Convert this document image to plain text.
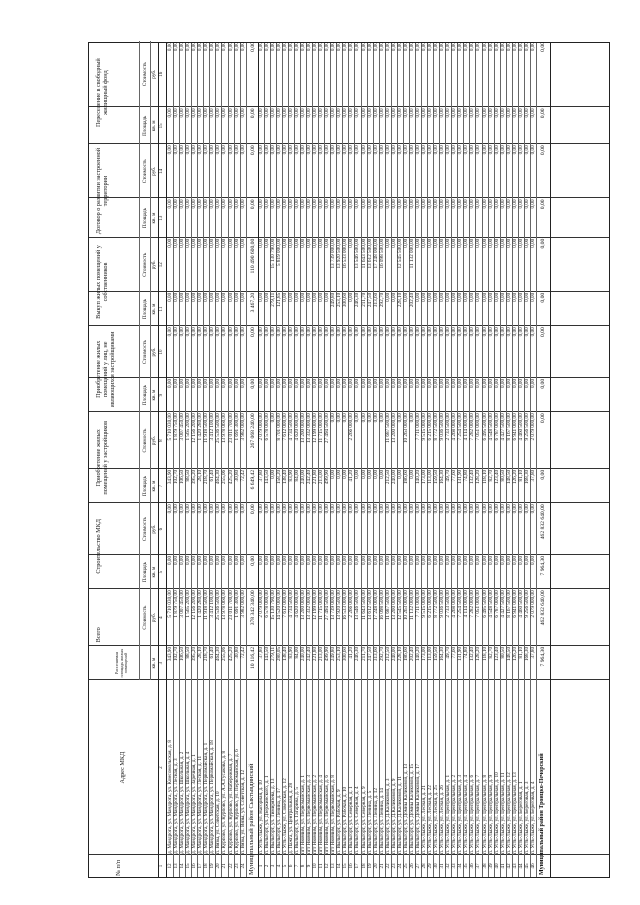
Всего
Строительство МКД
Приобретение жилых помещений у застройщиков
Приобретение жилых помещений у лиц, не являющихся застройщиками
Выкуп жилых помещений у собственников
Договор о развитии застроенной территории
Переселение в свободный жилищный фонд
№ п/п
Адрес МКД
Расселяемая площадь жилых помещений	кв. м
Стоимость руб.
Площадь кв. м
Стоимость руб.
Площадь кв. м
Стоимость руб.
Площадь кв. м
Стоимость руб.
Площадь кв. м
Стоимость руб.
Площадь кв. м
Стоимость руб.
Площадь кв. м
Стоимость руб.
1
2
3
4
5
6
7
8
9
10
11
12
13
14
15
16
12
д. Мандрога, ул. Мандрога, ул. Комсомольская, д. 8
343,90
5 710 030,00
0,00
0,00
343,90
5 710 030,00
0,00
0,00
0,00
0,00
0,00
0,00
0,00
0,00
13
д. Мандрога, ул. Мандрога, ул. Лесная, д. 3
102,70
1 879 750,00
0,00
0,00
102,70
1 879 750,00
0,00
0,00
0,00
0,00
0,00
0,00
0,00
0,00
14
д. Мандрога, ул. Мандрога, ул. Школьная, д. 2
106,50
3 007 450,00
0,00
0,00
106,50
3 007 450,00
0,00
0,00
0,00
0,00
0,00
0,00
0,00
0,00
15
д. Мандрога, ул. Мандрога, ул. Школьная, д. 4
88,50
1 565 200,00
0,00
0,00
88,50
1 565 200,00
0,00
0,00
0,00
0,00
0,00
0,00
0,00
0,00
16
д. Мандрога, ул. Мандрога, ул. Заречная, д. 1
395,20
12 156 200,00
0,00
0,00
395,20
12 156 200,00
0,00
0,00
0,00
0,00
0,00
0,00
0,00
0,00
17
д. Мандрога, ул. Мандрога, ул. Лесная, д. 11
28,10
1 420 280,00
0,00
0,00
28,10
1 420 280,00
0,00
0,00
0,00
0,00
0,00
0,00
0,00
0,00
18
д. Мандрога, ул. Мандрога, ул. Первомайская, д. 1
218,70
11 918 500,00
0,00
0,00
218,70
11 918 500,00
0,00
0,00
0,00
0,00
0,00
0,00
0,00
0,00
19
д. Мандрога, ул. Мандрога, ул. Первомайская, д. 18
61,40
3 412 100,00
0,00
0,00
61,40
3 412 100,00
0,00
0,00
0,00
0,00
0,00
0,00
0,00
0,00
20
п. Вязы, ул. Советская, д. 10
464,30
25 536 500,00
0,00
0,00
464,30
25 536 500,00
0,00
0,00
0,00
0,00
0,00
0,00
0,00
0,00
21
п. Курпово, ул. Курпово, ул. А.А.Гусакова, д. 8
255,06
13 978 060,00
0,00
0,00
255,06
13 978 060,00
0,00
0,00
0,00
0,00
0,00
0,00
0,00
0,00
22
п. Курпово, ул. Курпово, ул. Набережная, д. 7
425,20
23 011 700,00
0,00
0,00
425,20
23 011 700,00
0,00
0,00
0,00
0,00
0,00
0,00
0,00
0,00
23
п. Курпово, ул. Курпово, ул. Первомайская, д. 6
30,80
1 691 300,00
0,00
0,00
30,80
1 691 300,00
0,00
0,00
0,00
0,00
0,00
0,00
0,00
0,00
24
п. Вязы, ул. Вязы, ул. Советская, д. 12
72,42
3 982 000,00
0,00
0,00
72,42
3 982 000,00
0,00
0,00
0,00
0,00
0,00
0,00
0,00
0,00
Муниципальный район Сыктывдинский
10 116,42
378 342 340,00
0,00
0,00
6 649,42
267 068 240,00
0,00
0,00
3 467,20
110 490 600,00
0,00
0,00
0,00
0,00
1
п. Усть-Лыже, ул. Нагорная, д. 10
37,80
2 079 000,00
0,00
0,00
37,80
2 079 000,00
0,00
0,00
0,00
0,00
0,00
0,00
0,00
0,00
2
п. Выльгорт, ул. Дзержинского, д. 1
143,50
6 578 000,00
0,00
0,00
143,50
6 578 000,00
0,00
0,00
0,00
0,00
0,00
0,00
0,00
0,00
3
п. Выльгорт, ул. Тимирязева, д. 13
279,11
15 130 790,00
0,00
0,00
0,00
0,00
0,00
0,00
279,11
15 130 790,00
0,00
0,00
0,00
0,00
4
п. Выльгорт, ул. Ленина, д. 17
280,05
14 520 000,00
0,00
0,00
158,20
8 701 000,00
0,00
0,00
121,85
5 819 000,00
0,00
0,00
0,00
0,00
5
п. Усть-Лыже, ул. Советская, д. 12
138,40
7 612 000,00
0,00
0,00
138,40
7 612 000,00
0,00
0,00
0,00
0,00
0,00
0,00
0,00
0,00
6
д. Пажга, ул. Центральная, д. 28
83,90
4 734 500,00
0,00
0,00
83,90
4 734 500,00
0,00
0,00
0,00
0,00
0,00
0,00
0,00
0,00
7
п. Выльгорт, ул. Гагарина, д. 5
84,00
4 620 000,00
0,00
0,00
84,00
4 620 000,00
0,00
0,00
0,00
0,00
0,00
0,00
0,00
0,00
8
пгт Нювчим, ул. Первомайская, д. 1
240,00
13 200 000,00
0,00
0,00
240,00
13 200 000,00
0,00
0,00
0,00
0,00
0,00
0,00
0,00
0,00
9
пгт Нювчим, ул. Первомайская, д. 3
242,40
13 332 000,00
0,00
0,00
242,40
13 332 000,00
0,00
0,00
0,00
0,00
0,00
0,00
0,00
0,00
10
пгт Нювчим, ул. Первомайская, д. 2
221,80
12 199 000,00
0,00
0,00
221,80
12 199 000,00
0,00
0,00
0,00
0,00
0,00
0,00
0,00
0,00
11
пгт Нювчим, ул. Первомайская, д. 4
213,00
11 715 000,00
0,00
0,00
213,00
11 715 000,00
0,00
0,00
0,00
0,00
0,00
0,00
0,00
0,00
12
пгт Нювчим, ул. Первомайская, д. 6
499,90
27 494 500,00
0,00
0,00
499,90
27 494 500,00
0,00
0,00
0,00
0,00
0,00
0,00
0,00
0,00
13
пгт Нювчим, ул. Первомайская, д. 8
249,80
13 739 000,00
0,00
0,00
0,00
0,00
0,00
0,00
249,80
13 739 000,00
0,00
0,00
0,00
0,00
14
п. Выльгорт, ул. Рабочая, д. 9
253,10
13 920 500,00
0,00
0,00
0,00
0,00
0,00
0,00
253,10
13 920 500,00
0,00
0,00
0,00
0,00
15
п. Выльгорт, ул. Рабочая, д. 10
300,60
16 533 000,00
0,00
0,00
0,00
0,00
0,00
0,00
300,60
16 533 000,00
0,00
0,00
0,00
0,00
16
п. Выльгорт, ул. Северная, д. 1
41,20
2 266 000,00
0,00
0,00
41,20
2 266 000,00
0,00
0,00
0,00
0,00
0,00
0,00
0,00
0,00
17
п. Выльгорт, ул. Северная, д. 4
246,30
13 546 500,00
0,00
0,00
0,00
0,00
0,00
0,00
246,30
13 546 500,00
0,00
0,00
0,00
0,00
18
п. Выльгорт, ул. Северная, д. 9
211,70
11 643 500,00
0,00
0,00
0,00
0,00
0,00
0,00
211,70
11 643 500,00
0,00
0,00
0,00
0,00
19
п. Выльгорт, ул. Ленина, д. 5
247,50
13 612 500,00
0,00
0,00
0,00
0,00
0,00
0,00
247,50
13 612 500,00
0,00
0,00
0,00
0,00
20
п. Выльгорт, ул. Ленина, д. 12
313,60
17 248 000,00
0,00
0,00
0,00
0,00
0,00
0,00
313,60
17 248 000,00
0,00
0,00
0,00
0,00
21
п. Выльгорт, ул. Ленина, д. 14
292,70
16 098 500,00
0,00
0,00
0,00
0,00
0,00
0,00
292,70
16 098 500,00
0,00
0,00
0,00
0,00
22
п. Выльгорт, ул. Д.Каликовой, д. 3
212,50
11 687 500,00
0,00
0,00
212,50
11 687 500,00
0,00
0,00
0,00
0,00
0,00
0,00
0,00
0,00
23
п. Выльгорт, ул. Д.Каликовой, д. 9
240,00
13 200 000,00
0,00
0,00
240,00
13 200 000,00
0,00
0,00
0,00
0,00
0,00
0,00
0,00
0,00
24
п. Выльгорт, ул. Д.Каликовой, д. 11
228,10
12 545 500,00
0,00
0,00
0,00
0,00
0,00
0,00
228,10
12 545 500,00
0,00
0,00
0,00
0,00
25
п. Выльгорт, ул. Домны Каликовой, д. 13
186,60
10 263 000,00
0,00
0,00
186,60
10 263 000,00
0,00
0,00
0,00
0,00
0,00
0,00
0,00
0,00
26
п. Выльгорт, ул. Домны Каликовой, д. 15
202,40
11 132 000,00
0,00
0,00
0,00
0,00
0,00
0,00
202,40
11 132 000,00
0,00
0,00
0,00
0,00
27
п. Выльгорт, ул. Домны Каликовой, д. 17
140,20
7 711 000,00
0,00
0,00
140,20
7 711 000,00
0,00
0,00
0,00
0,00
0,00
0,00
0,00
0,00
28
п. Усть-Лыже, ул. Лесная, д. 21
173,00
9 515 000,00
0,00
0,00
173,00
9 515 000,00
0,00
0,00
0,00
0,00
0,00
0,00
0,00
0,00
29
п. Усть-Лыже, ул. Лесная, д. 22
113,00
6 215 000,00
0,00
0,00
113,00
6 215 000,00
0,00
0,00
0,00
0,00
0,00
0,00
0,00
0,00
30
п. Усть-Лыже, ул. Лесная, д. 25
159,50
8 772 500,00
0,00
0,00
159,50
8 772 500,00
0,00
0,00
0,00
0,00
0,00
0,00
0,00
0,00
31
п. Усть-Лыже, ул. Лесная, д. 26
164,30
9 036 500,00
0,00
0,00
164,30
9 036 500,00
0,00
0,00
0,00
0,00
0,00
0,00
0,00
0,00
32
п. Усть-Лыже, ул. Центральная, д. 1
49,70
2 733 500,00
0,00
0,00
49,70
2 733 500,00
0,00
0,00
0,00
0,00
0,00
0,00
0,00
0,00
33
п. Усть-Лыже, ул. Центральная, д. 2
77,60
4 268 000,00
0,00
0,00
77,60
4 268 000,00
0,00
0,00
0,00
0,00
0,00
0,00
0,00
0,00
34
п. Усть-Лыже, ул. Центральная, д. 3
131,90
7 254 500,00
0,00
0,00
131,90
7 254 500,00
0,00
0,00
0,00
0,00
0,00
0,00
0,00
0,00
35
п. Усть-Лыже, ул. Центральная, д. 4
74,80
4 114 000,00
0,00
0,00
74,80
4 114 000,00
0,00
0,00
0,00
0,00
0,00
0,00
0,00
0,00
36
п. Усть-Лыже, ул. Центральная, д. 6
132,40
7 282 000,00
0,00
0,00
132,40
7 282 000,00
0,00
0,00
0,00
0,00
0,00
0,00
0,00
0,00
37
п. Усть-Лыже, ул. Центральная, д. 7
128,20
7 051 000,00
0,00
0,00
128,20
7 051 000,00
0,00
0,00
0,00
0,00
0,00
0,00
0,00
0,00
38
п. Усть-Лыже, ул. Центральная, д. 8
118,10
6 495 500,00
0,00
0,00
118,10
6 495 500,00
0,00
0,00
0,00
0,00
0,00
0,00
0,00
0,00
39
п. Усть-Лыже, ул. Центральная, д. 9
82,70
4 548 500,00
0,00
0,00
82,70
4 548 500,00
0,00
0,00
0,00
0,00
0,00
0,00
0,00
0,00
40
п. Усть-Лыже, ул. Центральная, д. 10
123,40
6 787 000,00
0,00
0,00
123,40
6 787 000,00
0,00
0,00
0,00
0,00
0,00
0,00
0,00
0,00
41
п. Усть-Лыже, ул. Центральная, д. 11
80,50
4 427 500,00
0,00
0,00
80,50
4 427 500,00
0,00
0,00
0,00
0,00
0,00
0,00
0,00
0,00
42
п. Усть-Лыже, ул. Центральная, д. 12
148,50
8 167 500,00
0,00
0,00
148,50
8 167 500,00
0,00
0,00
0,00
0,00
0,00
0,00
0,00
0,00
43
п. Усть-Лыже, ул. Центральная, д. 13
126,20
6 941 000,00
0,00
0,00
126,20
6 941 000,00
0,00
0,00
0,00
0,00
0,00
0,00
0,00
0,00
44
п. Усть-Лыже, ул. Береговая, д. 1
81,10
4 460 500,00
0,00
0,00
81,10
4 460 500,00
0,00
0,00
0,00
0,00
0,00
0,00
0,00
0,00
45
п. Усть-Лыже, ул. Береговая, д. 3
168,30
9 256 500,00
0,00
0,00
168,30
9 256 500,00
0,00
0,00
0,00
0,00
0,00
0,00
0,00
0,00
46
п. Усть-Лыже, ул. Береговая, д. 4
37,80
2 079 000,00
0,00
0,00
37,80
2 079 000,00
0,00
0,00
0,00
0,00
0,00
0,00
0,00
0,00
Муниципальный район Троицко-Печорский
7 964,30
462 832 640,00
7 964,30
462 832 640,00
0,00
0,00
0,00
0,00
0,00
0,00
0,00
0,00
0,00
0,00
